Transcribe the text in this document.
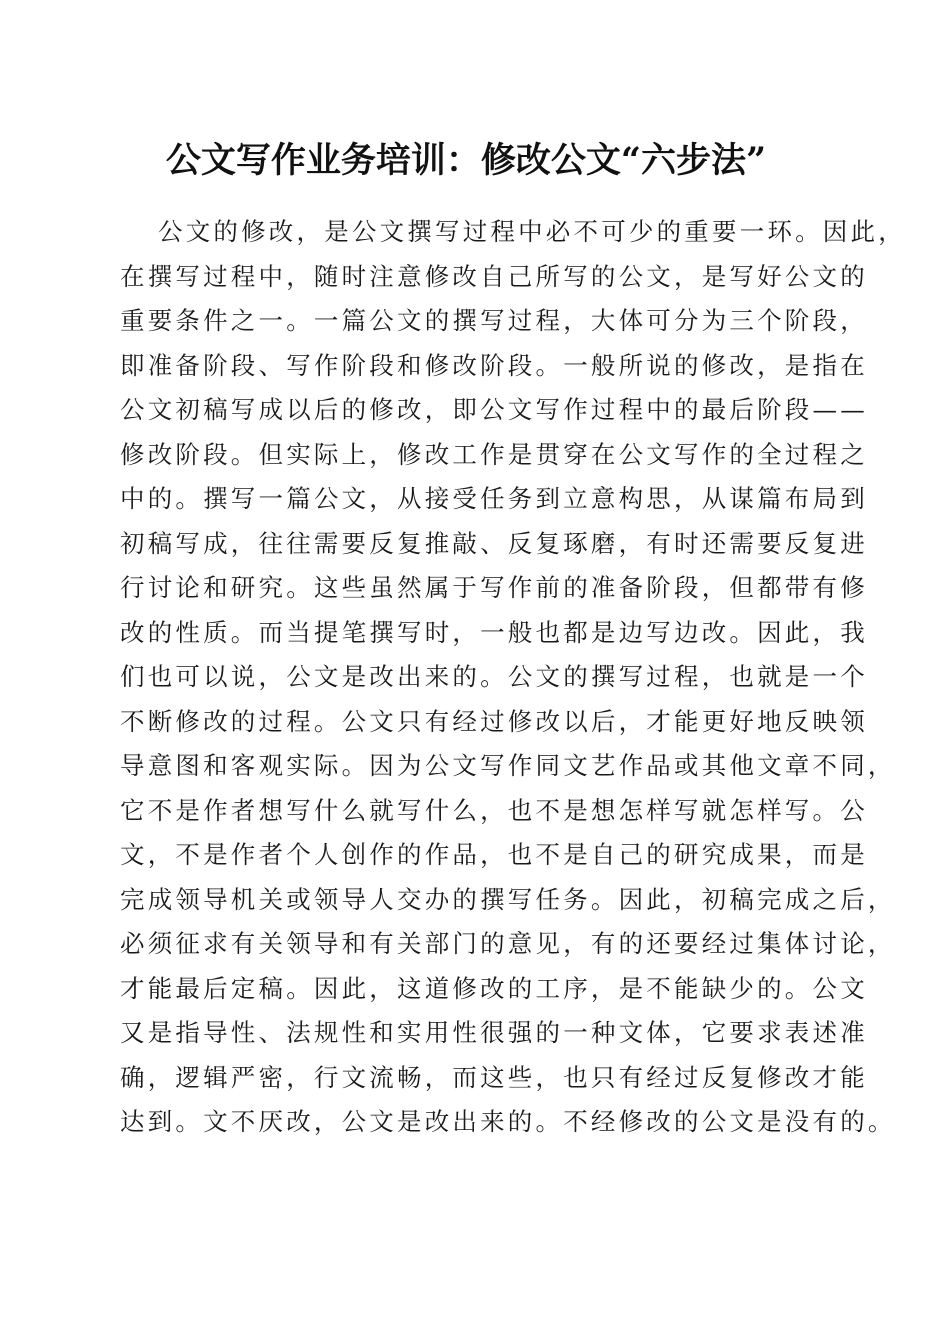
公文写作业务培训：修改公文“六步法”
公文的修改，是公文撰写过程中必不可少的重要一环。因此，
在撰写过程中，随时注意修改自己所写的公文，是写好公文的
重要条件之一。一篇公文的撰写过程，大体可分为三个阶段，
即准备阶段、写作阶段和修改阶段。一般所说的修改，是指在
公文初稿写成以后的修改，即公文写作过程中的最后阶段——
修改阶段。但实际上，修改工作是贯穿在公文写作的全过程之
中的。撰写一篇公文，从接受任务到立意构思，从谋篇布局到
初稿写成，往往需要反复推敲、反复琢磨，有时还需要反复进
行讨论和研究。这些虽然属于写作前的准备阶段，但都带有修
改的性质。而当提笔撰写时，一般也都是边写边改。因此，我
们也可以说，公文是改出来的。公文的撰写过程，也就是一个
不断修改的过程。公文只有经过修改以后，才能更好地反映领
导意图和客观实际。因为公文写作同文艺作品或其他文章不同，
它不是作者想写什么就写什么，也不是想怎样写就怎样写。公
文，不是作者个人创作的作品，也不是自己的研究成果，而是
完成领导机关或领导人交办的撰写任务。因此，初稿完成之后，
必须征求有关领导和有关部门的意见，有的还要经过集体讨论，
才能最后定稿。因此，这道修改的工序，是不能缺少的。公文
又是指导性、法规性和实用性很强的一种文体，它要求表述准
确，逻辑严密，行文流畅，而这些，也只有经过反复修改才能
达到。文不厌改，公文是改出来的。不经修改的公文是没有的。
